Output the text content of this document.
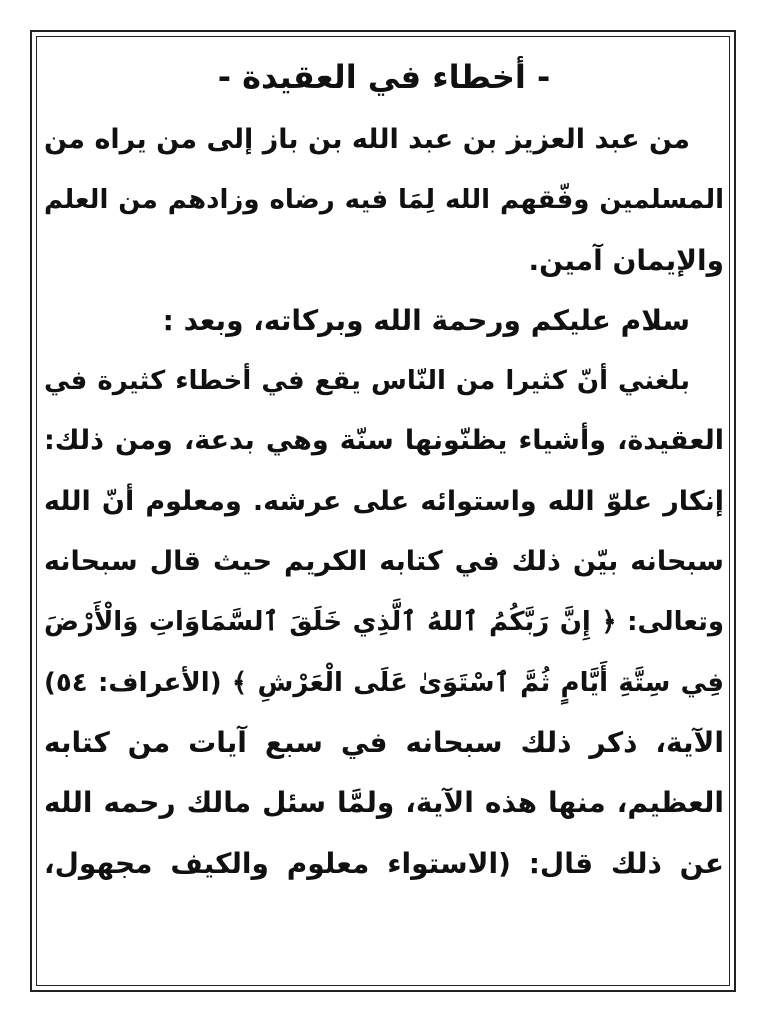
- أخطاء في العقيدة -
من عبد العزيز بن عبد الله بن باز إلى من يراه من
المسلمين وفّقهم الله لِمَا فيه رضاه وزادهم من العلم
والإيمان آمين.
سلام عليكم ورحمة الله وبركاته، وبعد :
بلغني أنّ كثيرا من النّاس يقع في أخطاء كثيرة في
العقيدة، وأشياء يظنّونها سنّة وهي بدعة، ومن ذلك:
إنكار علوّ الله واستوائه على عرشه. ومعلوم أنّ الله
سبحانه بيّن ذلك في كتابه الكريم حيث قال سبحانه
وتعالى: ﴿ إِنَّ رَبَّكُمُ ٱللهُ ٱلَّذِي خَلَقَ ٱلسَّمَاوَاتِ وَالْأَرْضَ
فِي سِتَّةِ أَيَّامٍ ثُمَّ ٱسْتَوَىٰ عَلَى الْعَرْشِ ﴾ (الأعراف: ٥٤)
الآية، ذكر ذلك سبحانه في سبع آيات من كتابه
العظيم، منها هذه الآية، ولمَّا سئل مالك رحمه الله
عن ذلك قال: (الاستواء معلوم والكيف مجهول،
